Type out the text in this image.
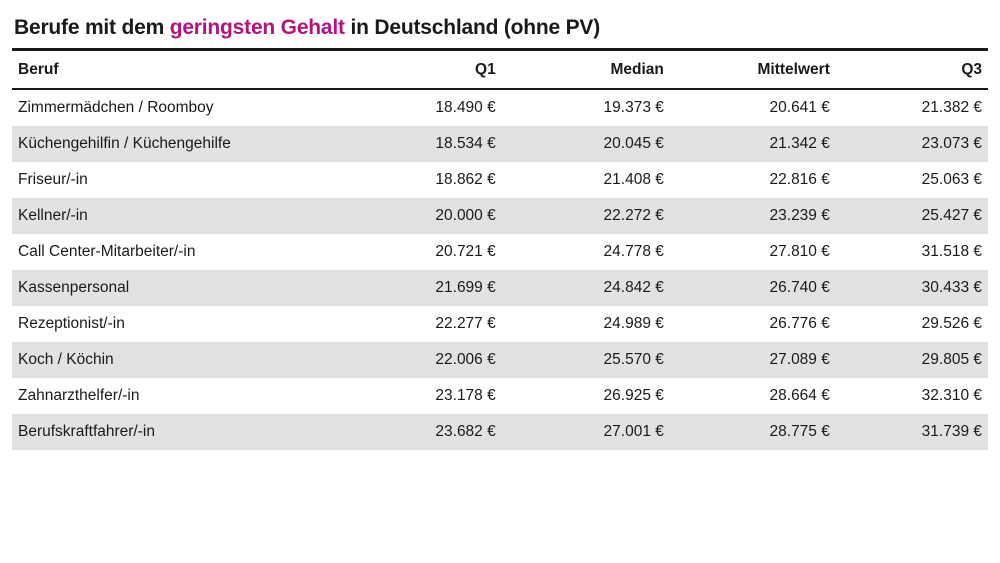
Berufe mit dem geringsten Gehalt in Deutschland (ohne PV)
Beruf	Q1	Median	Mittelwert	Q3
Zimmermädchen / Roomboy	18.490 €	19.373 €	20.641 €	21.382 €
Küchengehilfin / Küchengehilfe	18.534 €	20.045 €	21.342 €	23.073 €
Friseur/-in	18.862 €	21.408 €	22.816 €	25.063 €
Kellner/-in	20.000 €	22.272 €	23.239 €	25.427 €
Call Center-Mitarbeiter/-in	20.721 €	24.778 €	27.810 €	31.518 €
Kassenpersonal	21.699 €	24.842 €	26.740 €	30.433 €
Rezeptionist/-in	22.277 €	24.989 €	26.776 €	29.526 €
Koch / Köchin	22.006 €	25.570 €	27.089 €	29.805 €
Zahnarzthelfer/-in	23.178 €	26.925 €	28.664 €	32.310 €
Berufskraftfahrer/-in	23.682 €	27.001 €	28.775 €	31.739 €
